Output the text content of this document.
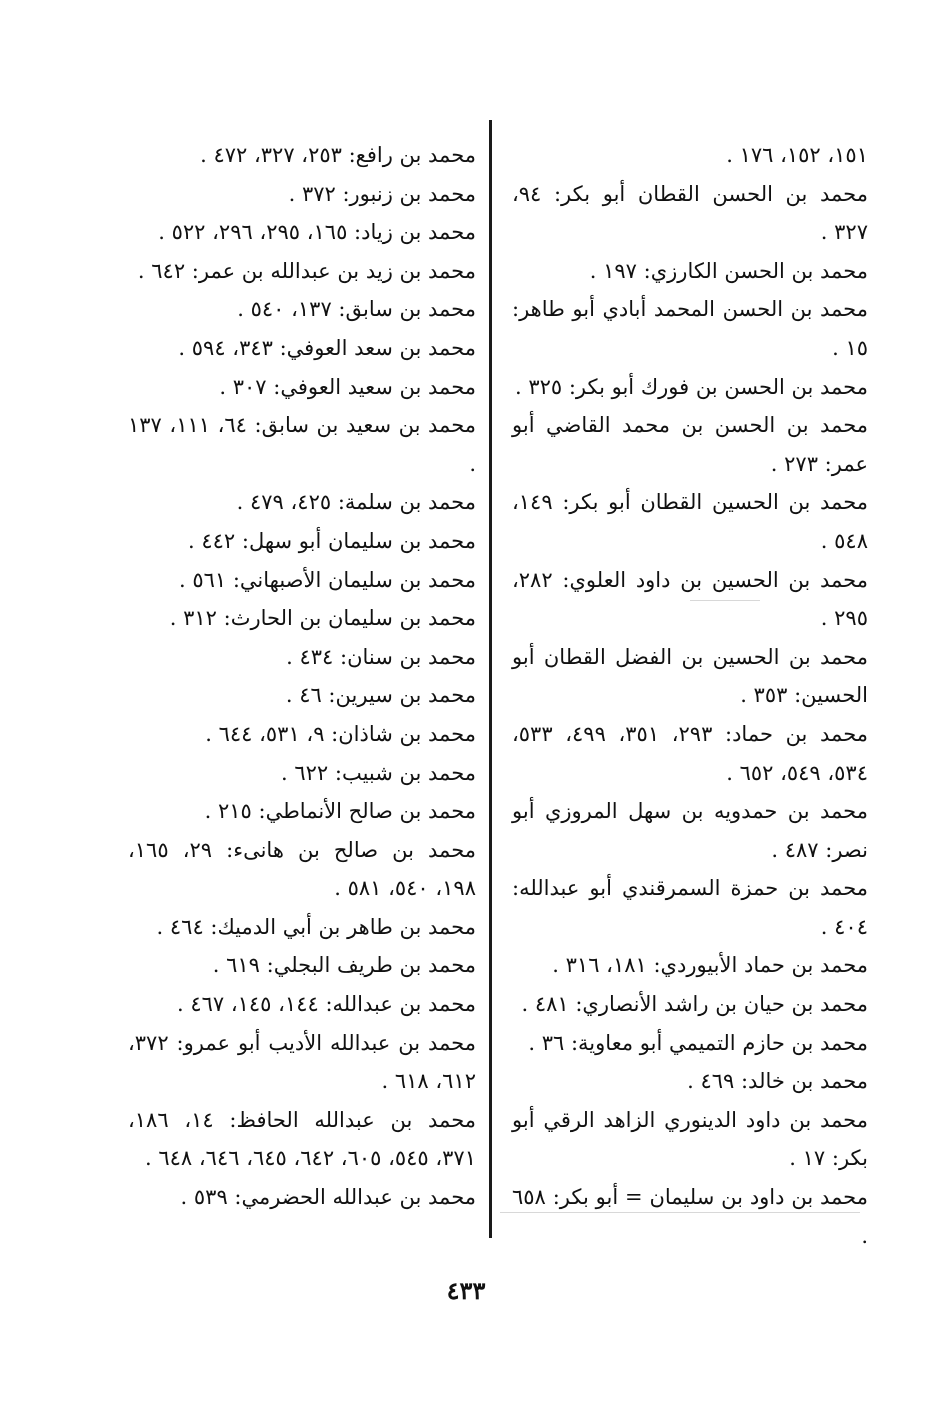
١٥١، ١٥٢، ١٧٦ .

محمد بن الحسن القطان أبو بكر: ٩٤، ٣٢٧ .

محمد بن الحسن الكارزي: ١٩٧ .

محمد بن الحسن المحمد أبادي أبو طاهر: ١٥ .

محمد بن الحسن بن فورك أبو بكر: ٣٢٥ .

محمد بن الحسن بن محمد القاضي أبو عمر: ٢٧٣ .

محمد بن الحسين القطان أبو بكر: ١٤٩، ٥٤٨ .

محمد بن الحسين بن داود العلوي: ٢٨٢، ٢٩٥ .

محمد بن الحسين بن الفضل القطان أبو الحسين: ٣٥٣ .

محمد بن حماد: ٢٩٣، ٣٥١، ٤٩٩، ٥٣٣، ٥٣٤، ٥٤٩، ٦٥٢ .

محمد بن حمدويه بن سهل المروزي أبو نصر: ٤٨٧ .

محمد بن حمزة السمرقندي أبو عبدالله: ٤٠٤ .

محمد بن حماد الأبيوردي: ١٨١، ٣١٦ .

محمد بن حيان بن راشد الأنصاري: ٤٨١ .

محمد بن حازم التميمي أبو معاوية: ٣٦ .

محمد بن خالد: ٤٦٩ .

محمد بن داود الدينوري الزاهد الرقي أبو بكر: ١٧ .

محمد بن داود بن سليمان = أبو بكر: ٦٥٨ .

محمد بن رافع: ٢٥٣، ٣٢٧، ٤٧٢ .

محمد بن زنبور: ٣٧٢ .

محمد بن زياد: ١٦٥، ٢٩٥، ٢٩٦، ٥٢٢ .

محمد بن زيد بن عبدالله بن عمر: ٦٤٢ .

محمد بن سابق: ١٣٧، ٥٤٠ .

محمد بن سعد العوفي: ٣٤٣، ٥٩٤ .

محمد بن سعيد العوفي: ٣٠٧ .

محمد بن سعيد بن سابق: ٦٤، ١١١، ١٣٧ .

محمد بن سلمة: ٤٢٥، ٤٧٩ .

محمد بن سليمان أبو سهل: ٤٤٢ .

محمد بن سليمان الأصبهاني: ٥٦١ .

محمد بن سليمان بن الحارث: ٣١٢ .

محمد بن سنان: ٤٣٤ .

محمد بن سيرين: ٤٦ .

محمد بن شاذان: ٩، ٥٣١، ٦٤٤ .

محمد بن شبيب: ٦٢٢ .

محمد بن صالح الأنماطي: ٢١٥ .

محمد بن صالح بن هانىء: ٢٩، ١٦٥، ١٩٨، ٥٤٠، ٥٨١ .

محمد بن طاهر بن أبي الدميك: ٤٦٤ .

محمد بن طريف البجلي: ٦١٩ .

محمد بن عبدالله: ١٤٤، ١٤٥، ٤٦٧ .

محمد بن عبدالله الأديب أبو عمرو: ٣٧٢، ٦١٢، ٦١٨ .

محمد بن عبدالله الحافظ: ١٤، ١٨٦، ٣٧١، ٥٤٥، ٦٠٥، ٦٤٢، ٦٤٥، ٦٤٦، ٦٤٨ .

محمد بن عبدالله الحضرمي: ٥٣٩ .

٤٣٣
